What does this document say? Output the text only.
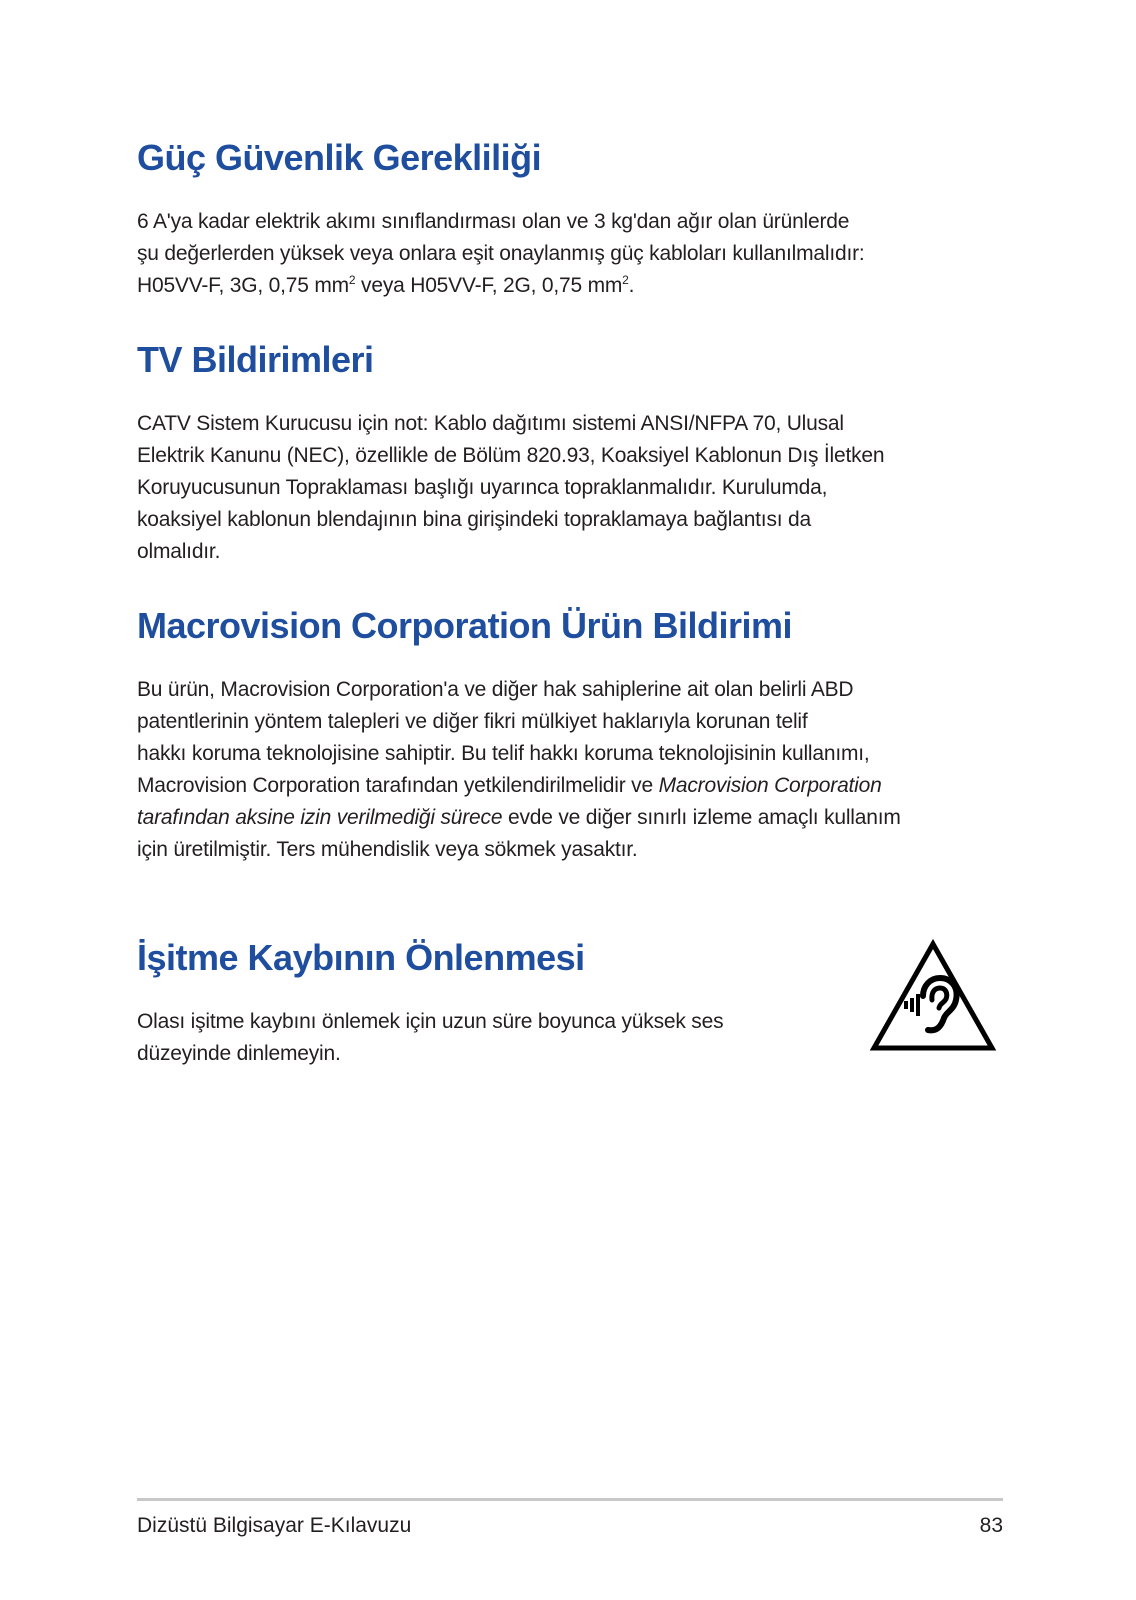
Güç Güvenlik Gerekliliği
6 A'ya kadar elektrik akımı sınıflandırması olan ve 3 kg'dan ağır olan ürünlerde
şu değerlerden yüksek veya onlara eşit onaylanmış güç kabloları kullanılmalıdır:
H05VV-F, 3G, 0,75 $mm^2$ veya H05VV-F, 2G, 0,75 $mm^2$.
TV Bildirimleri
CATV Sistem Kurucusu için not: Kablo dağıtımı sistemi ANSI/NFPA 70, Ulusal
Elektrik Kanunu (NEC), özellikle de Bölüm 820.93, Koaksiyel Kablonun Dış İletken
Koruyucusunun Topraklaması başlığı uyarınca topraklanmalıdır. Kurulumda,
koaksiyel kablonun blendajının bina girişindeki topraklamaya bağlantısı da
olmalıdır.
Macrovision Corporation Ürün Bildirimi
Bu ürün, Macrovision Corporation'a ve diğer hak sahiplerine ait olan belirli ABD
patentlerinin yöntem talepleri ve diğer fikri mülkiyet haklarıyla korunan telif
hakkı koruma teknolojisine sahiptir. Bu telif hakkı koruma teknolojisinin kullanımı,
Macrovision Corporation tarafından yetkilendirilmelidir ve Macrovision Corporation
tarafından aksine izin verilmediği sürece evde ve diğer sınırlı izleme amaçlı kullanım
için üretilmiştir. Ters mühendislik veya sökmek yasaktır.
İşitme Kaybının Önlenmesi
Olası işitme kaybını önlemek için uzun süre boyunca yüksek ses
düzeyinde dinlemeyin.
Dizüstü Bilgisayar E-Kılavuzu	83
